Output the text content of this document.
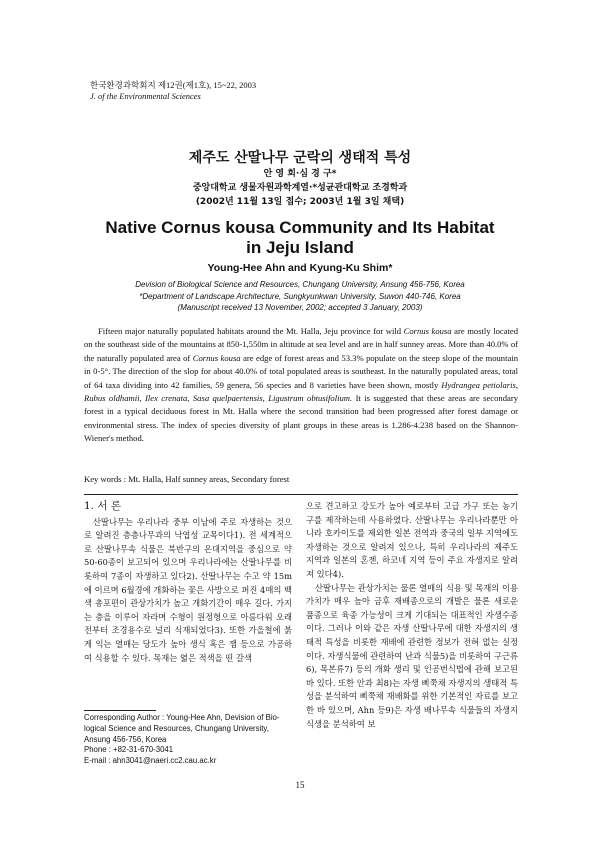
한국환경과학회지 제12권(제1호), 15~22, 2003
J. of the Environmental Sciences
제주도 산딸나무 군락의 생태적 특성
안 영 희·심 경 구*
중앙대학교 생물자원과학계열·*성균관대학교 조경학과
(2002년 11월 13일 접수; 2003년 1월 3일 채택)
Native Cornus kousa Community and Its Habitat
in Jeju Island
Young-Hee Ahn and Kyung-Ku Shim*
Devision of Biological Science and Resources, Chungang University, Ansung 456-756, Korea
*Department of Landscape Architecture, Sungkyunkwan University, Suwon 440-746, Korea
(Manuscript received 13 November, 2002; accepted 3 January, 2003)

Fifteen major naturally populated habitats around the Mt. Halla, Jeju province for wild Cornus kousa are mostly located on the southeast side of the mountains at 850-1,550m in altitude at sea level and are in half sunney areas. More than 40.0% of the naturally populated area of Cornus kousa are edge of forest areas and 53.3% populate on the steep slope of the mountain in 0-5°. The direction of the slop for about 40.0% of total populated areas is southeast. In the naturally populated areas, total of 64 taxa dividing into 42 families, 59 genera, 56 species and 8 varieties have been shown, mostly Hydrangea petiolaris, Rubus oldhamii, Ilex crenata, Sasa quelpaertensis, Ligustrum obtusifolium. It is suggested that these areas are secondary forest in a typical deciduous forest in Mt. Halla where the second transition had been progressed after forest damage or environmental stress. The index of species diversity of plant groups in these areas is 1.286-4.238 based on the Shannon-Wiener's method.

Key words : Mt. Halla, Half sunney areas, Secondary forest
1. 서 론

산딸나무는 우리나라 중부 이남에 주로 자생하는 것으로 알려진 층층나무과의 낙엽성 교목이다1). 전 세계적으로 산딸나무속 식물은 북반구의 온대지역을 중심으로 약 50-60종이 보고되어 있으며 우리나라에는 산딸나무를 비롯하여 7종이 자생하고 있다2). 산딸나무는 수고 약 15m에 이르며 6월경에 개화하는 꽃은 사방으로 퍼진 4매의 백색 총포편이 관상가치가 높고 개화기간이 매우 길다. 가지는 층을 이루어 자라며 수형이 원정형으로 아름다워 오래전부터 조경용수로 널리 식재되었다3). 또한 가을철에 붉게 익는 열매는 당도가 높아 생식 혹은 잼 등으로 가공하여 식용할 수 있다. 목재는 엷은 적색을 띤 갈색

으로 견고하고 강도가 높아 예로부터 고급 가구 또는 농기구를 제작하는데 사용하였다. 산딸나무는 우리나라뿐만 아니라 호카이도를 제외한 일본 전역과 중국의 일부 지역에도 자생하는 것으로 알려져 있으나, 특히 우리나라의 제주도 지역과 일본의 혼젠, 하코네 지역 등이 주요 자생지로 알려져 있다4).

산딸나무는 관상가치는 물론 열매의 식용 및 목재의 이용가치가 매우 높아 금후 재배종으로의 개발은 물론 새로운 품종으로 육종 가능성이 크게 기대되는 대표적인 자생수종이다. 그러나 이와 같은 자생 산딸나무에 대한 자생지의 생태적 특성을 비롯한 재배에 관련한 정보가 전혀 없는 실정이다. 자생식물에 관련하여 난과 식물5)을 비롯하여 구근류6), 목본류7) 등의 개화 생리 및 인공번식법에 관해 보고된 바 있다. 또한 안과 최8)는 자생 삐쭉채 자생지의 생태적 특성을 분석하여 삐쭉채 재배화를 위한 기본적인 자료를 보고한 바 있으며, Ahn 등9)은 자생 배나무속 식물들의 자생지 식생을 분석하여 보

Corresponding Author : Young-Hee Ahn, Devision of Bio-
logical Science and Resources, Chungang University,
Ansung 456-756, Korea
Phone : +82-31-670-3041
E-mail : ahn3041@naeri.cc2.cau.ac.kr
15
